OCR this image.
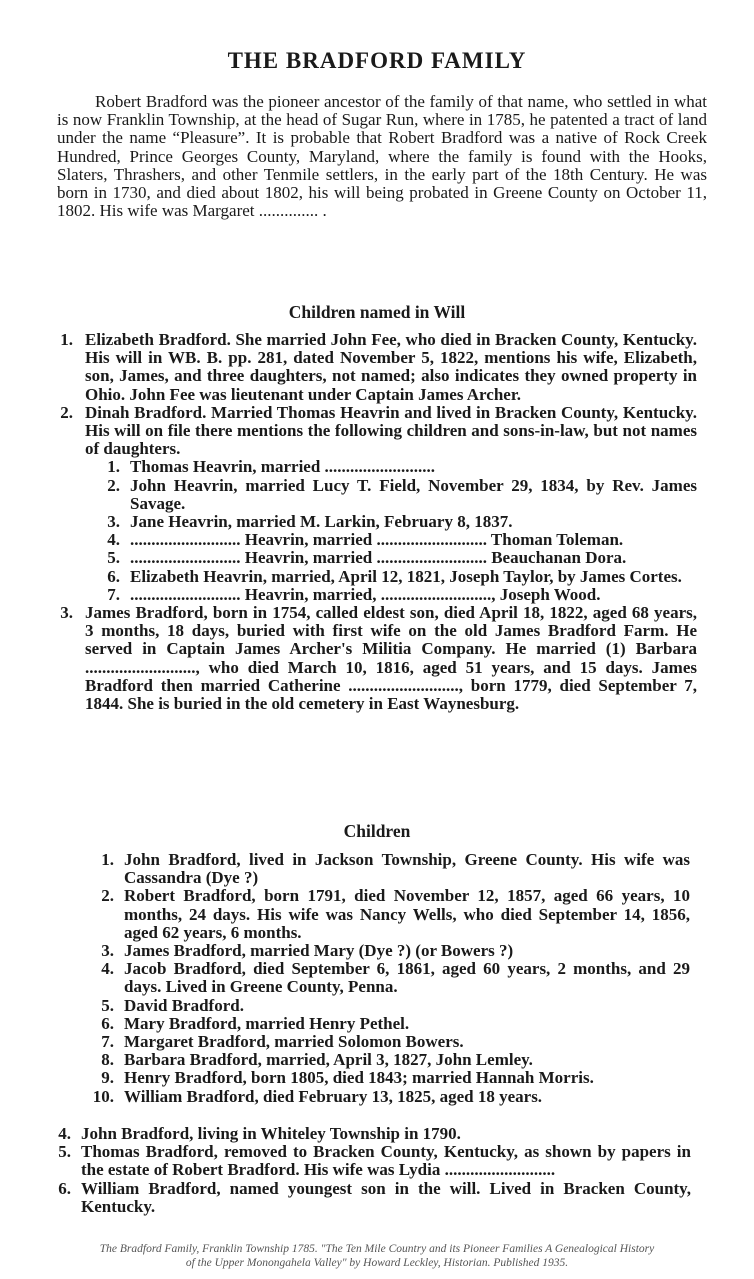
THE BRADFORD FAMILY

Robert Bradford was the pioneer ancestor of the family of that name, who settled in what is now Franklin Township, at the head of Sugar Run, where in 1785, he patented a tract of land under the name “Pleasure”. It is probable that Robert Bradford was a native of Rock Creek Hundred, Prince Georges County, Maryland, where the family is found with the Hooks, Slaters, Thrashers, and other Tenmile settlers, in the early part of the 18th Century. He was born in 1730, and died about 1802, his will being probated in Greene County on October 11, 1802. His wife was Margaret .............. .

Children named in Will

1. Elizabeth Bradford. She married John Fee, who died in Bracken County, Kentucky. His will in WB. B. pp. 281, dated November 5, 1822, mentions his wife, Elizabeth, son, James, and three daughters, not named; also indicates they owned property in Ohio. John Fee was lieutenant under Captain James Archer.
2. Dinah Bradford. Married Thomas Heavrin and lived in Bracken County, Kentucky. His will on file there mentions the following children and sons-in-law, but not names of daughters.
1. Thomas Heavrin, married ..........................
2. John Heavrin, married Lucy T. Field, November 29, 1834, by Rev. James Savage.
3. Jane Heavrin, married M. Larkin, February 8, 1837.
4. .......................... Heavrin, married .......................... Thoman Toleman.
5. .......................... Heavrin, married .......................... Beauchanan Dora.
6. Elizabeth Heavrin, married, April 12, 1821, Joseph Taylor, by James Cortes.
7. .......................... Heavrin, married, .........................., Joseph Wood.
3. James Bradford, born in 1754, called eldest son, died April 18, 1822, aged 68 years, 3 months, 18 days, buried with first wife on the old James Bradford Farm. He served in Captain James Archer's Militia Company. He married (1) Barbara .........................., who died March 10, 1816, aged 51 years, and 15 days. James Bradford then married Catherine .........................., born 1779, died September 7, 1844. She is buried in the old cemetery in East Waynesburg.

Children

1. John Bradford, lived in Jackson Township, Greene County. His wife was Cassandra (Dye ?)
2. Robert Bradford, born 1791, died November 12, 1857, aged 66 years, 10 months, 24 days. His wife was Nancy Wells, who died September 14, 1856, aged 62 years, 6 months.
3. James Bradford, married Mary (Dye ?) (or Bowers ?)
4. Jacob Bradford, died September 6, 1861, aged 60 years, 2 months, and 29 days. Lived in Greene County, Penna.
5. David Bradford.
6. Mary Bradford, married Henry Pethel.
7. Margaret Bradford, married Solomon Bowers.
8. Barbara Bradford, married, April 3, 1827, John Lemley.
9. Henry Bradford, born 1805, died 1843; married Hannah Morris.
10. William Bradford, died February 13, 1825, aged 18 years.
4. John Bradford, living in Whiteley Township in 1790.
5. Thomas Bradford, removed to Bracken County, Kentucky, as shown by papers in the estate of Robert Bradford. His wife was Lydia ..........................
6. William Bradford, named youngest son in the will. Lived in Bracken County, Kentucky.
The Bradford Family, Franklin Township 1785. "The Ten Mile Country and its Pioneer Families A Genealogical History
of the Upper Monongahela Valley" by Howard Leckley, Historian. Published 1935.
